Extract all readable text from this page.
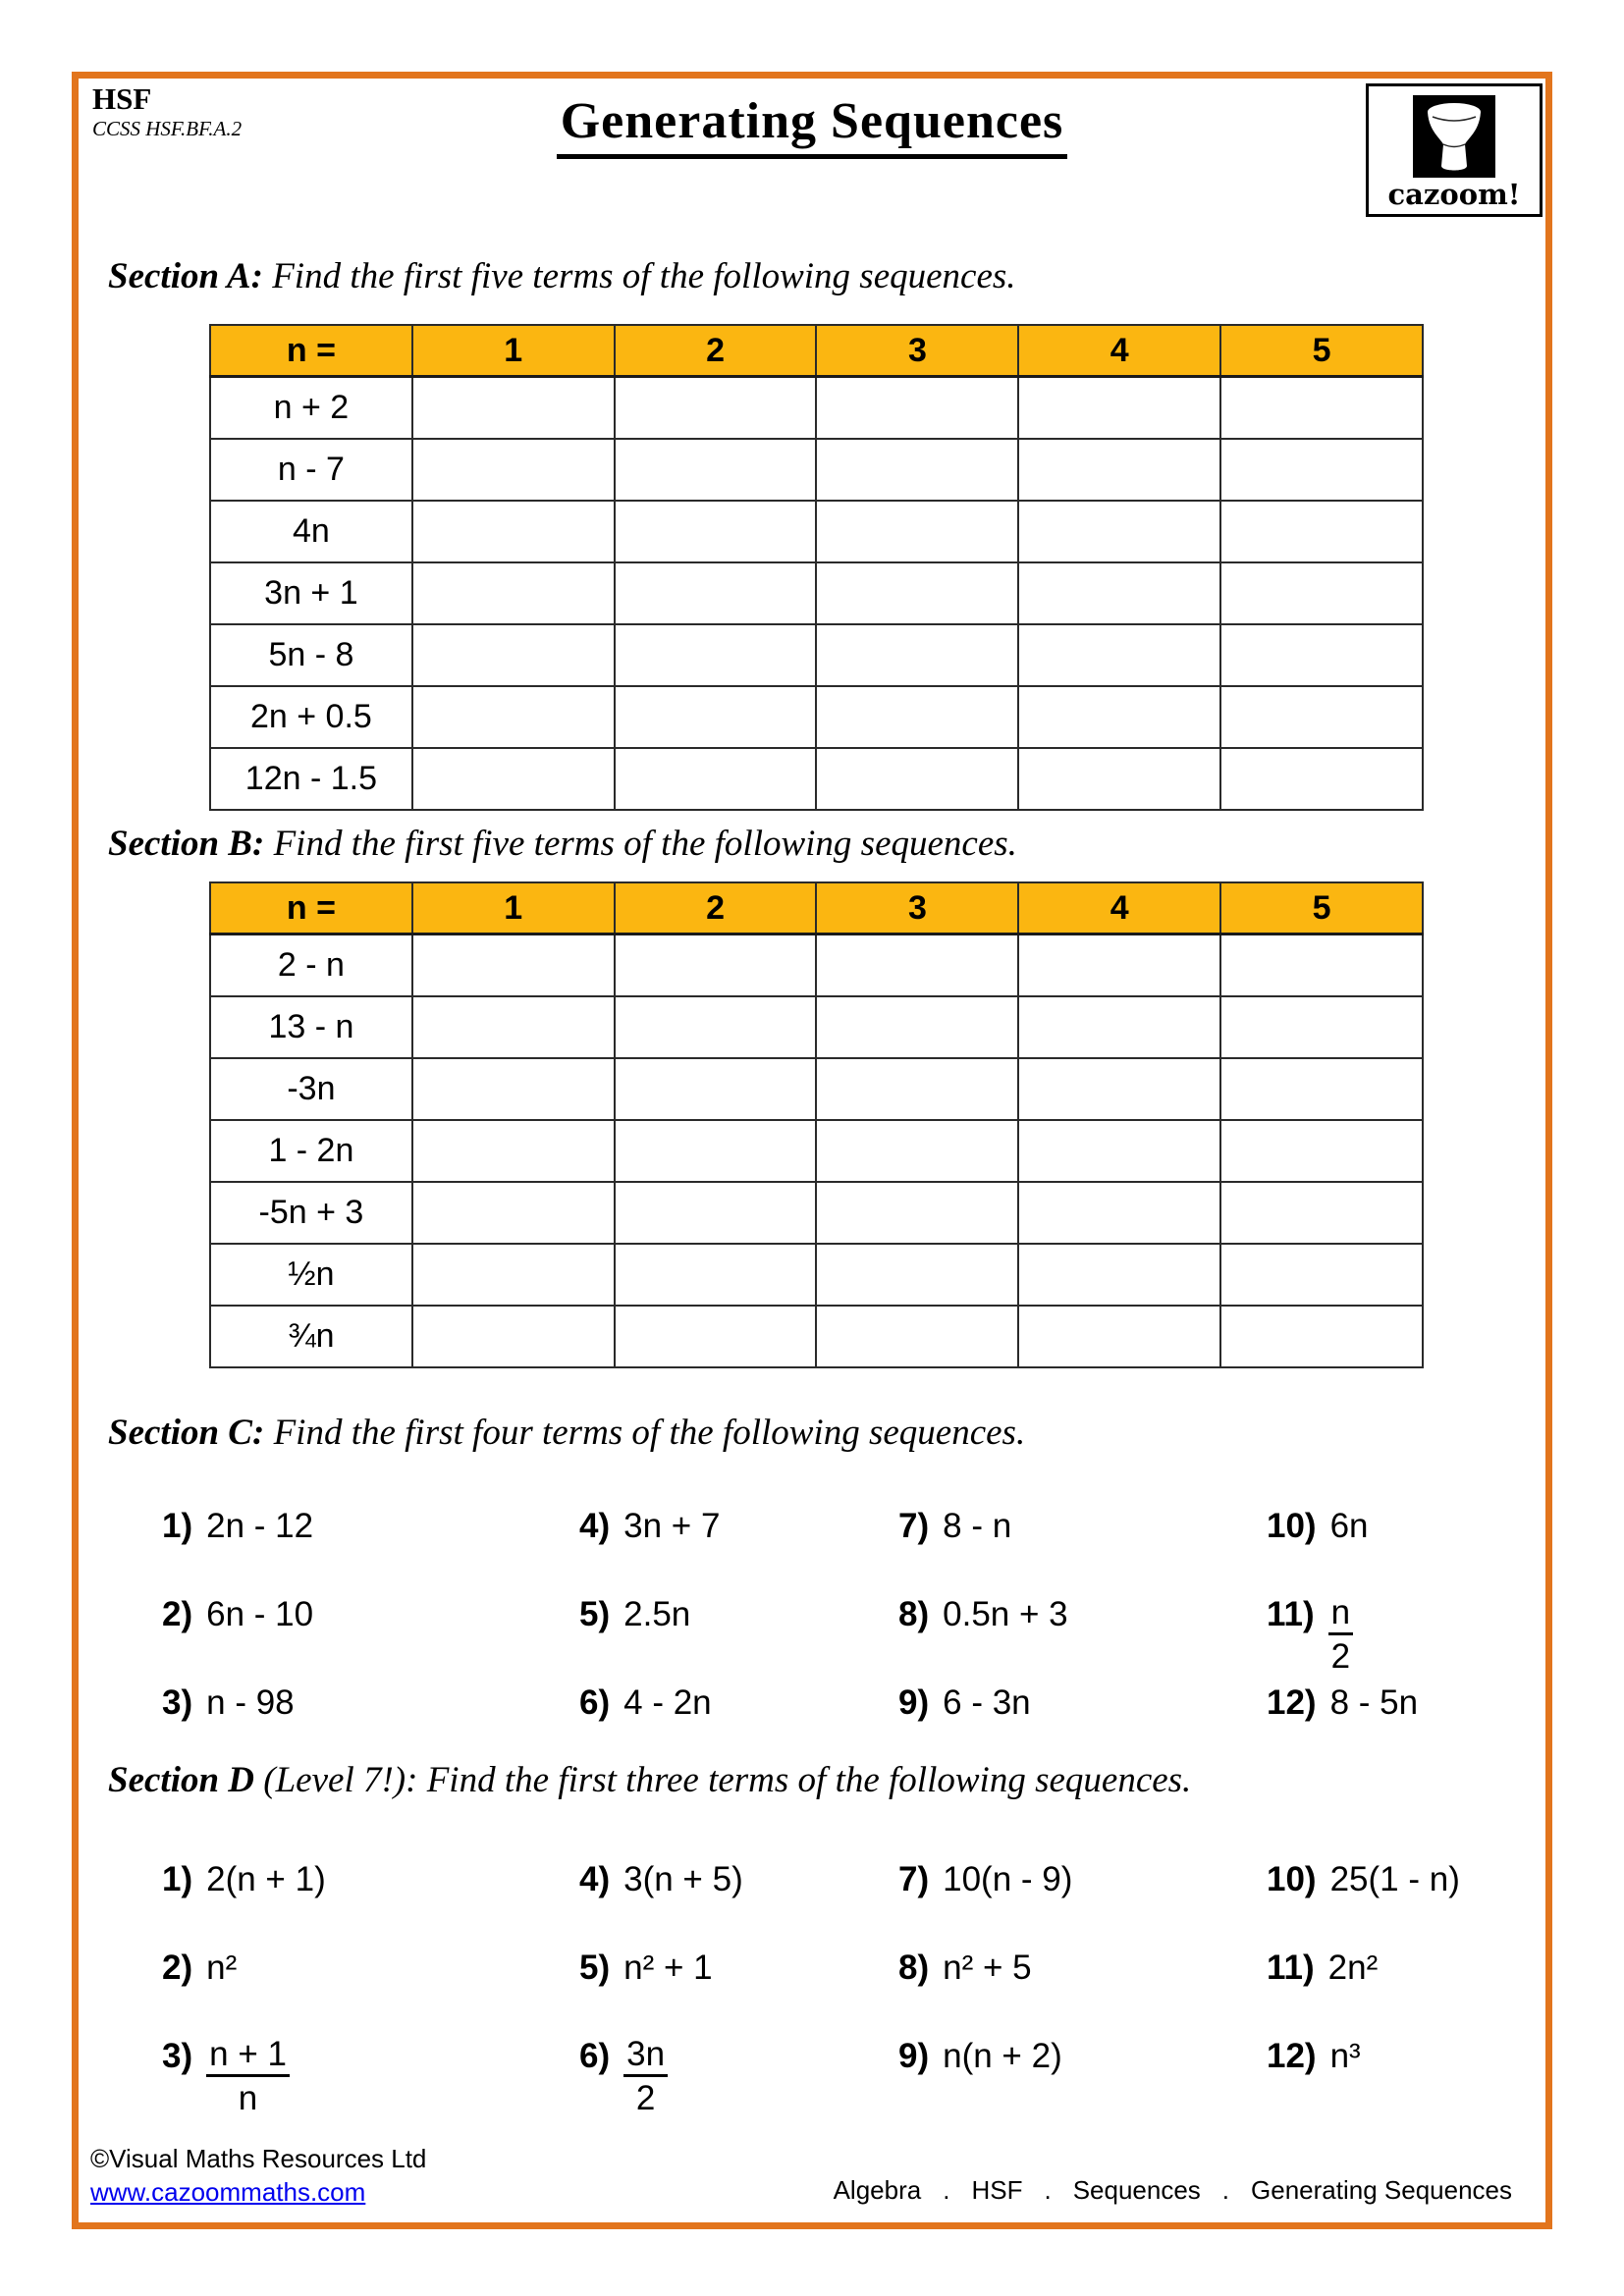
HSF
CCSS HSF.BF.A.2	Generating Sequences
cazoom!
Section A: Find the first five terms of the following sequences.
n =	1	2	3	4	5
n + 2					
n - 7					
4n					
3n + 1					
5n - 8					
2n + 0.5					
12n - 1.5					
Section B: Find the first five terms of the following sequences.
n =	1	2	3	4	5
2 - n					
13 - n					
-3n					
1 - 2n					
-5n + 3					
½n					
¾n					
Section C: Find the first four terms of the following sequences.
1) 2n - 12
2) 6n - 10
3) n - 98
4) 3n + 7
5) 2.5n
6) 4 - 2n
7) 8 - n
8) 0.5n + 3
9) 6 - 3n
10) 6n
$11) \frac{n}{2}$
12) 8 - 5n
Section D (Level 7!): Find the first three terms of the following sequences.
1) 2(n + 1)
2) n²
$3) \frac{n + 1}{n}$
4) 3(n + 5)
5) n² + 1
$6) \frac{3n}{2}$
7) 10(n - 9)
8) n² + 5
9) n(n + 2)
10) 25(1 - n)
11) 2n²
12) n³
©Visual Maths Resources Ltd
www.cazoommaths.com	Algebra . HSF . Sequences . Generating Sequences
